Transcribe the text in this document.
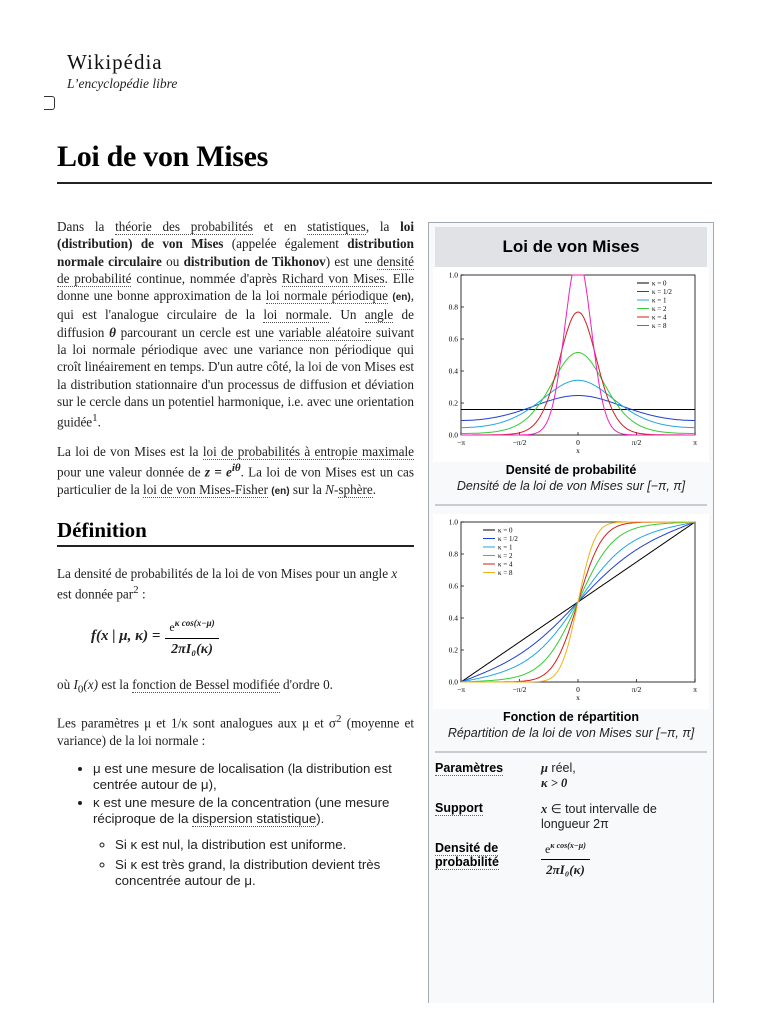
Wikipédia
L’encyclopédie libre
Loi de von Mises

Dans la théorie des probabilités et en statistiques, la loi (distribution) de von Mises (appelée également distribution normale circulaire ou distribution de Tikhonov) est une densité de probabilité continue, nommée d'après Richard von Mises. Elle donne une bonne approximation de la loi normale périodique (en), qui est l'analogue circulaire de la loi normale. Un angle de diffusion θ parcourant un cercle est une variable aléatoire suivant la loi normale périodique avec une variance non périodique qui croît linéairement en temps. D'un autre côté, la loi de von Mises est la distribution stationnaire d'un processus de diffusion et déviation sur le cercle dans un potentiel harmonique, i.e. avec une orientation guidée$^1$.

La loi de von Mises est la loi de probabilités à entropie maximale pour une valeur donnée de $z = e^{i\theta}$. La loi de von Mises est un cas particulier de la loi de von Mises-Fisher (en) sur la N-sphère.

Définition

La densité de probabilités de la loi de von Mises pour un angle x est donnée par$^2$ :

f(x | μ, $\kappa) = \frac{e^{\kappa cos(x-\mu)}}{\text{2πI₀(κ)}}$

où $I_0(x)$ est la fonction de Bessel modifiée d'ordre 0.

Les paramètres μ et 1/κ sont analogues aux μ et $\sigma^2$ (moyenne et variance) de la loi normale :

• μ est une mesure de localisation (la distribution est centrée autour de μ),
• κ est une mesure de la concentration (une mesure réciproque de la dispersion statistique).
◦ Si κ est nul, la distribution est uniforme.
◦ Si κ est très grand, la distribution devient très concentrée autour de μ.
Loi de von Mises
−π	−π/2	0	π/2	π
x
0.0
0.2
0.4
0.6
0.8
1.0
κ = 0
κ = 1/2
κ = 1
κ = 2
κ = 4
κ = 8
Densité de probabilité
Densité de la loi de von Mises sur [−π, π]
−π	−π/2	0	π/2	π
x
0.0
0.2
0.4
0.6
0.8
1.0
κ = 0
κ = 1/2
κ = 1
κ = 2
κ = 4
κ = 8
Fonction de répartition
Répartition de la loi de von Mises sur [−π, π]
Paramètres	μ réel,
κ > 0
Support	x ∈ tout intervalle de longueur 2π
Densité de probabilité	$\frac{e^{\kappa cos(x-\mu)}}{\text{2πI₀(κ)}}$
